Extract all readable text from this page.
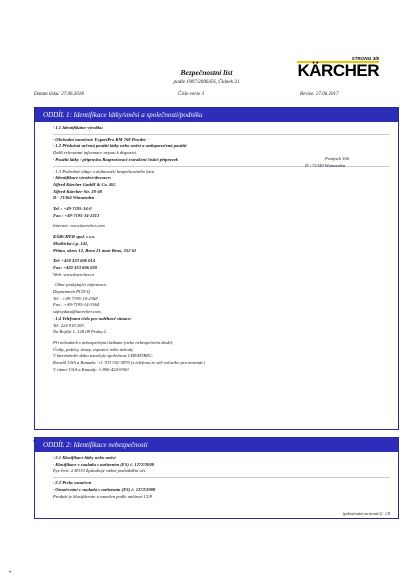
Bezpečnostní list
podle 1907/2006/ES, Článek 31
STRONG 3/8
KÄRCHER
Datum tisku: 27.06.2018	Číslo verze 3	Revize: 27.06.2017
ODDÍL 1: Identifikace látky/směsi a společnosti/podniku
· 1.1 Identifikátor výrobku
· Obchodní označení: ExpertPro RM 768 Powder
· 1.2 Příslušná určená použití látky nebo směsi a nedoporučená použití
Další relevantní informace nejsou k dispozici.
· Použití látky / přípravku Rozprašovací extrakční čisticí přípravek
· 1.3 Podrobné údaje o dodavateli bezpečnostního listu
· Identifikace výrobce/dovozce:
Alfred Kärcher GmbH & Co. KG
Alfred-Kärcher-Str. 28-40
D - 71364 Winnenden
Tel. : +49-7195-14-0
Fax : +49-7195-14-2212
Internet: www.kaercher.com
KÄRCHER spol. s r.o.
Modřická č.p. 141,
Přímo, okres 12, Brno 21 mezi Brno, 252 61
Tel: +420 323 606 014
Fax: +420 323 606 020
Web: www.kaercher.cz
· Obor poskytující informace:
Department PCD-Q
Tel : +49-7195-14-2368
Fax : +49-7195-14-3564
safetydata@kaercher.com,
· 1.4 Telefonní číslo pro naléhavé situace:
Tel. 224 919 293
Na Bojišti 1, 128 08 Praha 2
Při nehodách s nebezpečnými látkami (nebo nebezpečném zboží):
Úniky, požáry, úrazy, expozice nebo nehody
V kterémkoliv dobu zavolejte společnost CHEMTREC:
Rovněž USA a Kanada: +1 703 741-5970 (z telefonu ze sítě volacího pro mezinár.)
V rámci USA a Kanady: 1-800-424-9300
Postfach 160
D - 71349 Winnenden
ODDÍL 2: Identifikace nebezpečnosti
· 2.1 Klasifikace látky nebo směsi
· Klasifikace v souladu s nařízením (ES) č. 1272/2008
Eye Irrit. 2 H319 Způsobuje vážné podráždění očí.
· 2.2 Prvky označení
· Označování v souladu s nařízením (ES) č. 1272/2008
Produkt je klasifikován a označen podle nařízení CLP.
(pokračování na straně 2) CZ
•
•
